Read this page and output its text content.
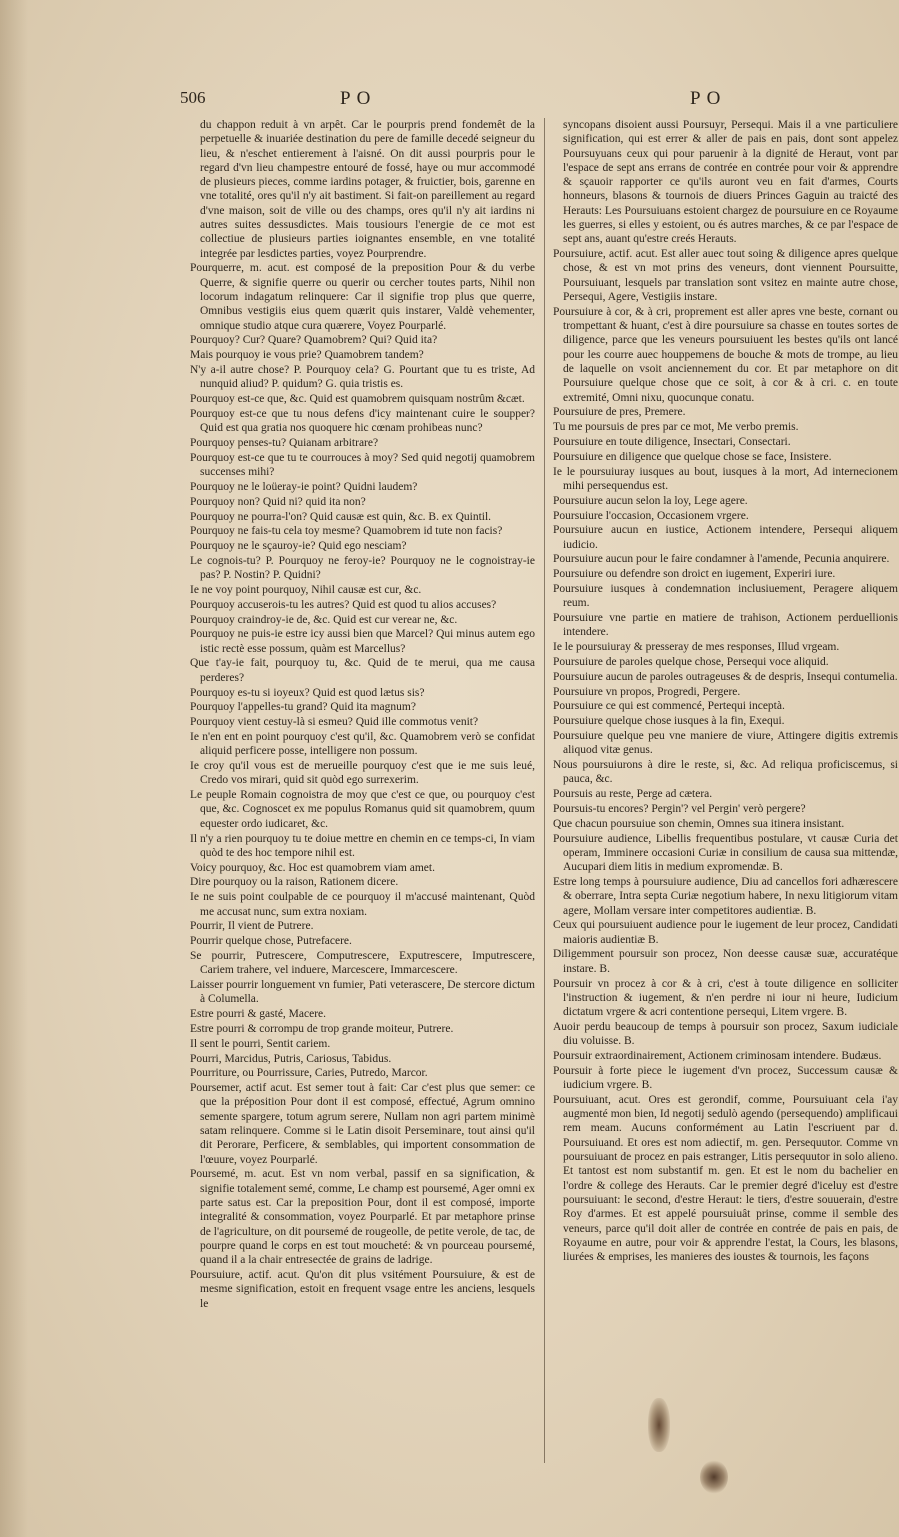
506	PO	PO
du chappon reduit à vn arpêt. Car le pourpris prend fondemêt de la perpetuelle & inuariée destination du pere de famille decedé seigneur du lieu, & n'eschet entierement à l'aisné. On dit aussi pourpris pour le regard d'vn lieu champestre entouré de fossé, haye ou mur accommodé de plusieurs pieces, comme iardins potager, & fruictier, bois, garenne en vne totalité, ores qu'il n'y ait bastiment. Si fait-on pareillement au regard d'vne maison, soit de ville ou des champs, ores qu'il n'y ait iardins ni autres suites dessusdictes. Mais tousiours l'energie de ce mot est collectiue de plusieurs parties ioignantes ensemble, en vne totalité integrée par lesdictes parties, voyez Pourprendre.
Pourquerre, m. acut. est composé de la preposition Pour & du verbe Querre, & signifie querre ou querir ou cercher toutes parts, Nihil non locorum indagatum relinquere: Car il signifie trop plus que querre, Omnibus vestigiis eius quem quærit quis instarer, Valdè vehementer, omnique studio atque cura quærere, Voyez Pourparlé.
Pourquoy? Cur? Quare? Quamobrem? Qui? Quid ita?
Mais pourquoy ie vous prie? Quamobrem tandem?
N'y a-il autre chose? P. Pourquoy cela? G. Pourtant que tu es triste, Ad nunquid aliud? P. quidum? G. quia tristis es.
Pourquoy est-ce que, &c. Quid est quamobrem quisquam nostrûm &cæt.
Pourquoy est-ce que tu nous defens d'icy maintenant cuire le soupper? Quid est qua gratia nos quoquere hic cœnam prohibeas nunc?
Pourquoy penses-tu? Quianam arbitrare?
Pourquoy est-ce que tu te courrouces à moy? Sed quid negotij quamobrem succenses mihi?
Pourquoy ne le loüeray-ie point? Quidni laudem?
Pourquoy non? Quid ni? quid ita non?
Pourquoy ne pourra-l'on? Quid causæ est quin, &c. B. ex Quintil.
Pourquoy ne fais-tu cela toy mesme? Quamobrem id tute non facis?
Pourquoy ne le sçauroy-ie? Quid ego nesciam?
Le cognois-tu? P. Pourquoy ne feroy-ie? Pourquoy ne le cognoistray-ie pas? P. Nostin? P. Quidni?
Ie ne voy point pourquoy, Nihil causæ est cur, &c.
Pourquoy accuserois-tu les autres? Quid est quod tu alios accuses?
Pourquoy craindroy-ie de, &c. Quid est cur verear ne, &c.
Pourquoy ne puis-ie estre icy aussi bien que Marcel? Qui minus autem ego istic rectè esse possum, quàm est Marcellus?
Que t'ay-ie fait, pourquoy tu, &c. Quid de te merui, qua me causa perderes?
Pourquoy es-tu si ioyeux? Quid est quod lætus sis?
Pourquoy l'appelles-tu grand? Quid ita magnum?
Pourquoy vient cestuy-là si esmeu? Quid ille commotus venit?
Ie n'en ent en point pourquoy c'est qu'il, &c. Quamobrem verò se confidat aliquid perficere posse, intelligere non possum.
Ie croy qu'il vous est de merueille pourquoy c'est que ie me suis leué, Credo vos mirari, quid sit quòd ego surrexerim.
Le peuple Romain cognoistra de moy que c'est ce que, ou pourquoy c'est que, &c. Cognoscet ex me populus Romanus quid sit quamobrem, quum equester ordo iudicaret, &c.
Il n'y a rien pourquoy tu te doiue mettre en chemin en ce temps-ci, In viam quòd te des hoc tempore nihil est.
Voicy pourquoy, &c. Hoc est quamobrem viam amet.
Dire pourquoy ou la raison, Rationem dicere.
Ie ne suis point coulpable de ce pourquoy il m'accusé maintenant, Quòd me accusat nunc, sum extra noxiam.
Pourrir, Il vient de Putrere.
Pourrir quelque chose, Putrefacere.
Se pourrir, Putrescere, Computrescere, Exputrescere, Imputrescere, Cariem trahere, vel induere, Marcescere, Immarcescere.
Laisser pourrir longuement vn fumier, Pati veterascere, De stercore dictum à Columella.
Estre pourri & gasté, Macere.
Estre pourri & corrompu de trop grande moiteur, Putrere.
Il sent le pourri, Sentit cariem.
Pourri, Marcidus, Putris, Cariosus, Tabidus.
Pourriture, ou Pourrissure, Caries, Putredo, Marcor.
Poursemer, actif acut. Est semer tout à fait: Car c'est plus que semer: ce que la préposition Pour dont il est composé, effectué, Agrum omnino semente spargere, totum agrum serere, Nullam non agri partem minimè satam relinquere. Comme si le Latin disoit Perseminare, tout ainsi qu'il dit Perorare, Perficere, & semblables, qui importent consommation de l'œuure, voyez Pourparlé.
Poursemé, m. acut. Est vn nom verbal, passif en sa signification, & signifie totalement semé, comme, Le champ est poursemé, Ager omni ex parte satus est. Car la preposition Pour, dont il est composé, importe integralité & consommation, voyez Pourparlé. Et par metaphore prinse de l'agriculture, on dit poursemé de rougeolle, de petite verole, de tac, de pourpre quand le corps en est tout moucheté: & vn pourceau poursemé, quand il a la chair entresectée de grains de ladrige.
Poursuiure, actif. acut. Qu'on dit plus vsitément Poursuiure, & est de mesme signification, estoit en frequent vsage entre les anciens, lesquels le
syncopans disoient aussi Poursuyr, Persequi. Mais il a vne particuliere signification, qui est errer & aller de pais en pais, dont sont appelez Poursuyuans ceux qui pour paruenir à la dignité de Heraut, vont par l'espace de sept ans errans de contrée en contrée pour voir & apprendre & sçauoir rapporter ce qu'ils auront veu en fait d'armes, Courts honneurs, blasons & tournois de diuers Princes Gaguin au traicté des Herauts: Les Poursuiuans estoient chargez de poursuiure en ce Royaume les guerres, si elles y estoient, ou és autres marches, & ce par l'espace de sept ans, auant qu'estre creés Herauts.
Poursuiure, actif. acut. Est aller auec tout soing & diligence apres quelque chose, & est vn mot prins des veneurs, dont viennent Poursuitte, Poursuiuant, lesquels par translation sont vsitez en mainte autre chose, Persequi, Agere, Vestigiis instare.
Poursuiure à cor, & à cri, proprement est aller apres vne beste, cornant ou trompettant & huant, c'est à dire poursuiure sa chasse en toutes sortes de diligence, parce que les veneurs poursuiuent les bestes qu'ils ont lancé pour les courre auec houppemens de bouche & mots de trompe, au lieu de laquelle on vsoit anciennement du cor. Et par metaphore on dit Poursuiure quelque chose que ce soit, à cor & à cri. c. en toute extremité, Omni nixu, quocunque conatu.
Poursuiure de pres, Premere.
Tu me poursuis de pres par ce mot, Me verbo premis.
Poursuiure en toute diligence, Insectari, Consectari.
Poursuiure en diligence que quelque chose se face, Insistere.
Ie le poursuiuray iusques au bout, iusques à la mort, Ad internecionem mihi persequendus est.
Poursuiure aucun selon la loy, Lege agere.
Poursuiure l'occasion, Occasionem vrgere.
Poursuiure aucun en iustice, Actionem intendere, Persequi aliquem iudicio.
Poursuiure aucun pour le faire condamner à l'amende, Pecunia anquirere.
Poursuiure ou defendre son droict en iugement, Experiri iure.
Poursuiure iusques à condemnation inclusiuement, Peragere aliquem reum.
Poursuiure vne partie en matiere de trahison, Actionem perduellionis intendere.
Ie le poursuiuray & presseray de mes responses, Illud vrgeam.
Poursuiure de paroles quelque chose, Persequi voce aliquid.
Poursuiure aucun de paroles outrageuses & de despris, Insequi contumelia.
Poursuiure vn propos, Progredi, Pergere.
Poursuiure ce qui est commencé, Pertequi inceptà.
Poursuiure quelque chose iusques à la fin, Exequi.
Poursuiure quelque peu vne maniere de viure, Attingere digitis extremis aliquod vitæ genus.
Nous poursuiurons à dire le reste, si, &c. Ad reliqua proficiscemus, si pauca, &c.
Poursuis au reste, Perge ad cætera.
Poursuis-tu encores? Pergin'? vel Pergin' verò pergere?
Que chacun poursuiue son chemin, Omnes sua itinera insistant.
Poursuiure audience, Libellis frequentibus postulare, vt causæ Curia det operam, Imminere occasioni Curiæ in consilium de causa sua mittendæ, Aucupari diem litis in medium expromendæ. B.
Estre long temps à poursuiure audience, Diu ad cancellos fori adhærescere & oberrare, Intra septa Curiæ negotium habere, In nexu litigiorum vitam agere, Mollam versare inter competitores audientiæ. B.
Ceux qui poursuiuent audience pour le iugement de leur procez, Candidati maioris audientiæ B.
Diligemment poursuir son procez, Non deesse causæ suæ, accuratéque instare. B.
Poursuir vn procez à cor & à cri, c'est à toute diligence en solliciter l'instruction & iugement, & n'en perdre ni iour ni heure, Iudicium dictatum vrgere & acri contentione persequi, Litem vrgere. B.
Auoir perdu beaucoup de temps à poursuir son procez, Saxum iudiciale diu voluisse. B.
Poursuir extraordinairement, Actionem criminosam intendere. Budæus.
Poursuir à forte piece le iugement d'vn procez, Successum causæ & iudicium vrgere. B.
Poursuiuant, acut. Ores est gerondif, comme, Poursuiuant cela i'ay augmenté mon bien, Id negotij sedulò agendo (persequendo) amplificaui rem meam. Aucuns conformément au Latin l'escriuent par d. Poursuiuand. Et ores est nom adiectif, m. gen. Persequutor. Comme vn poursuiuant de procez en pais estranger, Litis persequutor in solo alieno. Et tantost est nom substantif m. gen. Et est le nom du bachelier en l'ordre & college des Herauts. Car le premier degré d'iceluy est d'estre poursuiuant: le second, d'estre Heraut: le tiers, d'estre souuerain, d'estre Roy d'armes. Et est appelé poursuiuât prinse, comme il semble des veneurs, parce qu'il doit aller de contrée en contrée de pais en pais, de Royaume en autre, pour voir & apprendre l'estat, la Cours, les blasons, liurées & emprises, les manieres des ioustes & tournois, les façons
